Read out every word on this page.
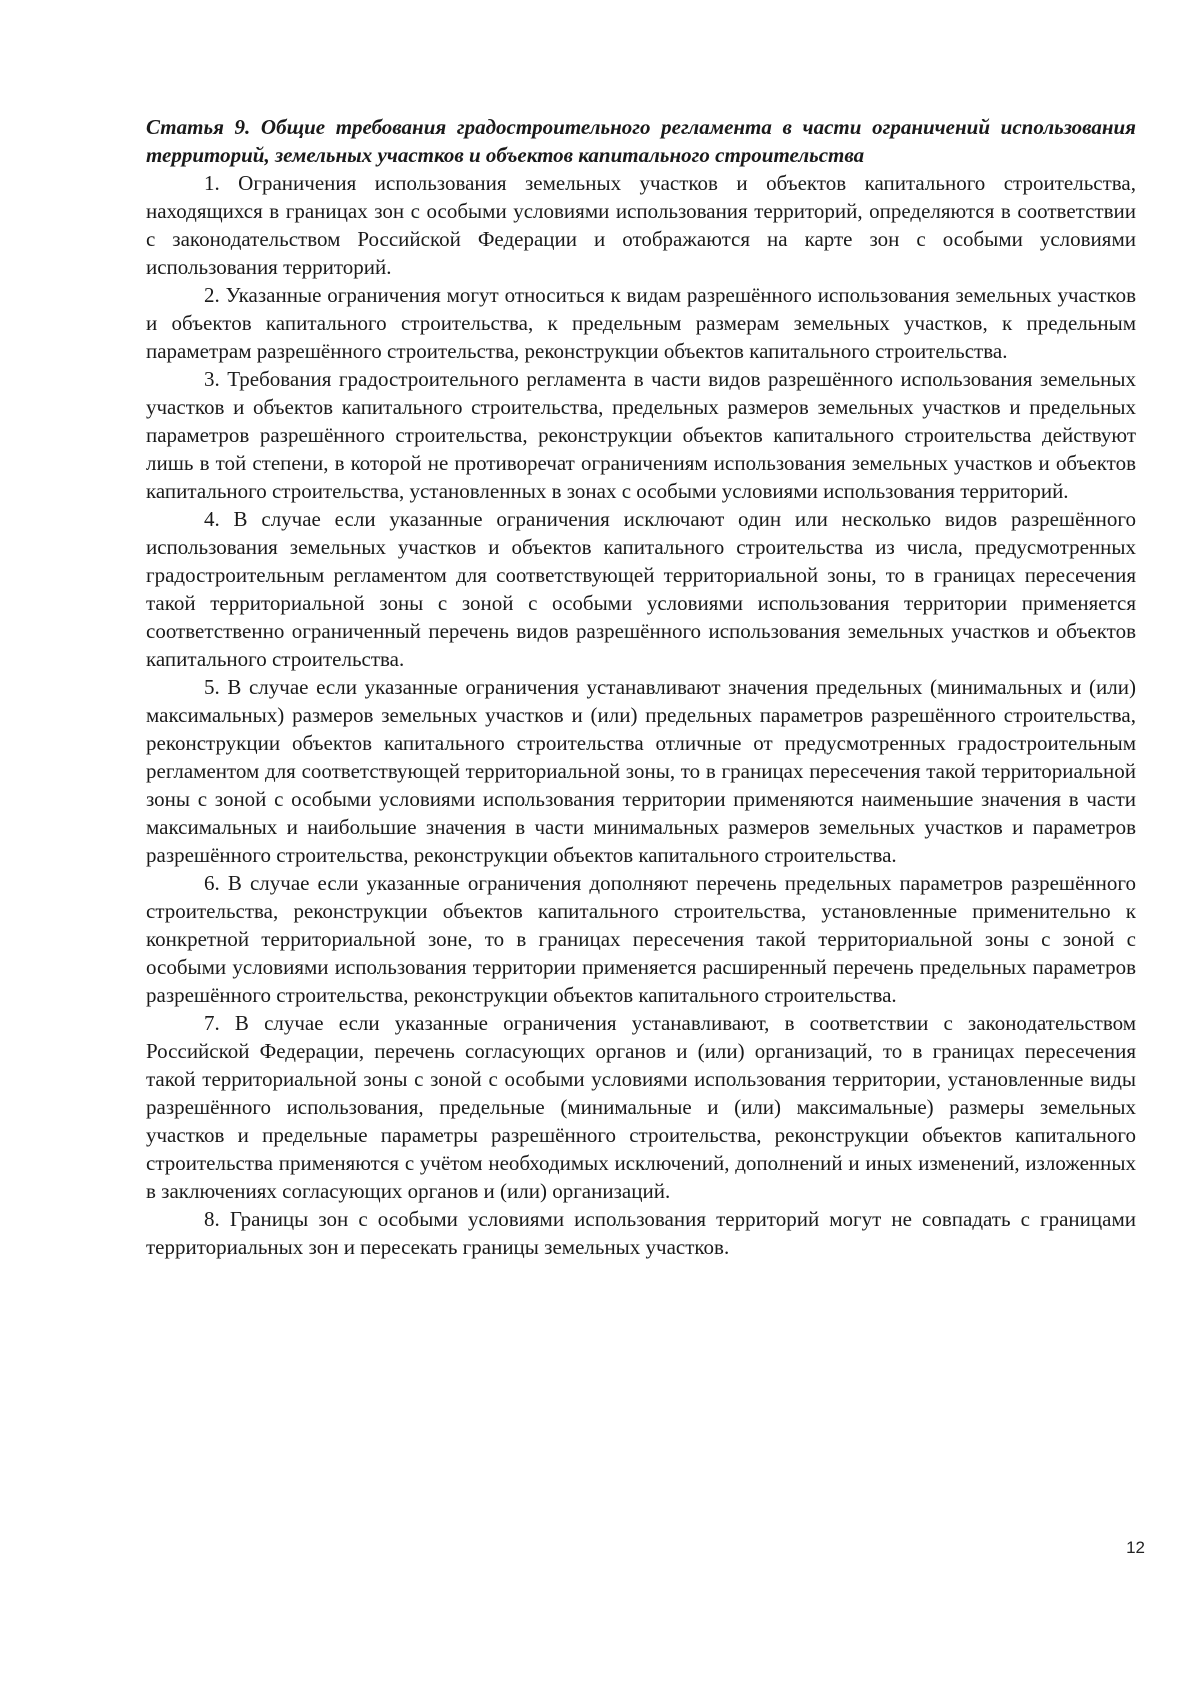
Статья 9. Общие требования градостроительного регламента в части ограничений использования территорий, земельных участков и объектов капитального строительства

1. Ограничения использования земельных участков и объектов капитального строительства, находящихся в границах зон с особыми условиями использования территорий, определяются в соответствии с законодательством Российской Федерации и отображаются на карте зон с особыми условиями использования территорий.

2. Указанные ограничения могут относиться к видам разрешённого использования земельных участков и объектов капитального строительства, к предельным размерам земельных участков, к предельным параметрам разрешённого строительства, реконструкции объектов капитального строительства.

3. Требования градостроительного регламента в части видов разрешённого использования земельных участков и объектов капитального строительства, предельных размеров земельных участков и предельных параметров разрешённого строительства, реконструкции объектов капитального строительства действуют лишь в той степени, в которой не противоречат ограничениям использования земельных участков и объектов капитального строительства, установленных в зонах с особыми условиями использования территорий.

4. В случае если указанные ограничения исключают один или несколько видов разрешённого использования земельных участков и объектов капитального строительства из числа, предусмотренных градостроительным регламентом для соответствующей территориальной зоны, то в границах пересечения такой территориальной зоны с зоной с особыми условиями использования территории применяется соответственно ограниченный перечень видов разрешённого использования земельных участков и объектов капитального строительства.

5. В случае если указанные ограничения устанавливают значения предельных (минимальных и (или) максимальных) размеров земельных участков и (или) предельных параметров разрешённого строительства, реконструкции объектов капитального строительства отличные от предусмотренных градостроительным регламентом для соответствующей территориальной зоны, то в границах пересечения такой территориальной зоны с зоной с особыми условиями использования территории применяются наименьшие значения в части максимальных и наибольшие значения в части минимальных размеров земельных участков и параметров разрешённого строительства, реконструкции объектов капитального строительства.

6. В случае если указанные ограничения дополняют перечень предельных параметров разрешённого строительства, реконструкции объектов капитального строительства, установленные применительно к конкретной территориальной зоне, то в границах пересечения такой территориальной зоны с зоной с особыми условиями использования территории применяется расширенный перечень предельных параметров разрешённого строительства, реконструкции объектов капитального строительства.

7. В случае если указанные ограничения устанавливают, в соответствии с законодательством Российской Федерации, перечень согласующих органов и (или) организаций, то в границах пересечения такой территориальной зоны с зоной с особыми условиями использования территории, установленные виды разрешённого использования, предельные (минимальные и (или) максимальные) размеры земельных участков и предельные параметры разрешённого строительства, реконструкции объектов капитального строительства применяются с учётом необходимых исключений, дополнений и иных изменений, изложенных в заключениях согласующих органов и (или) организаций.

8. Границы зон с особыми условиями использования территорий могут не совпадать с границами территориальных зон и пересекать границы земельных участков.

12
